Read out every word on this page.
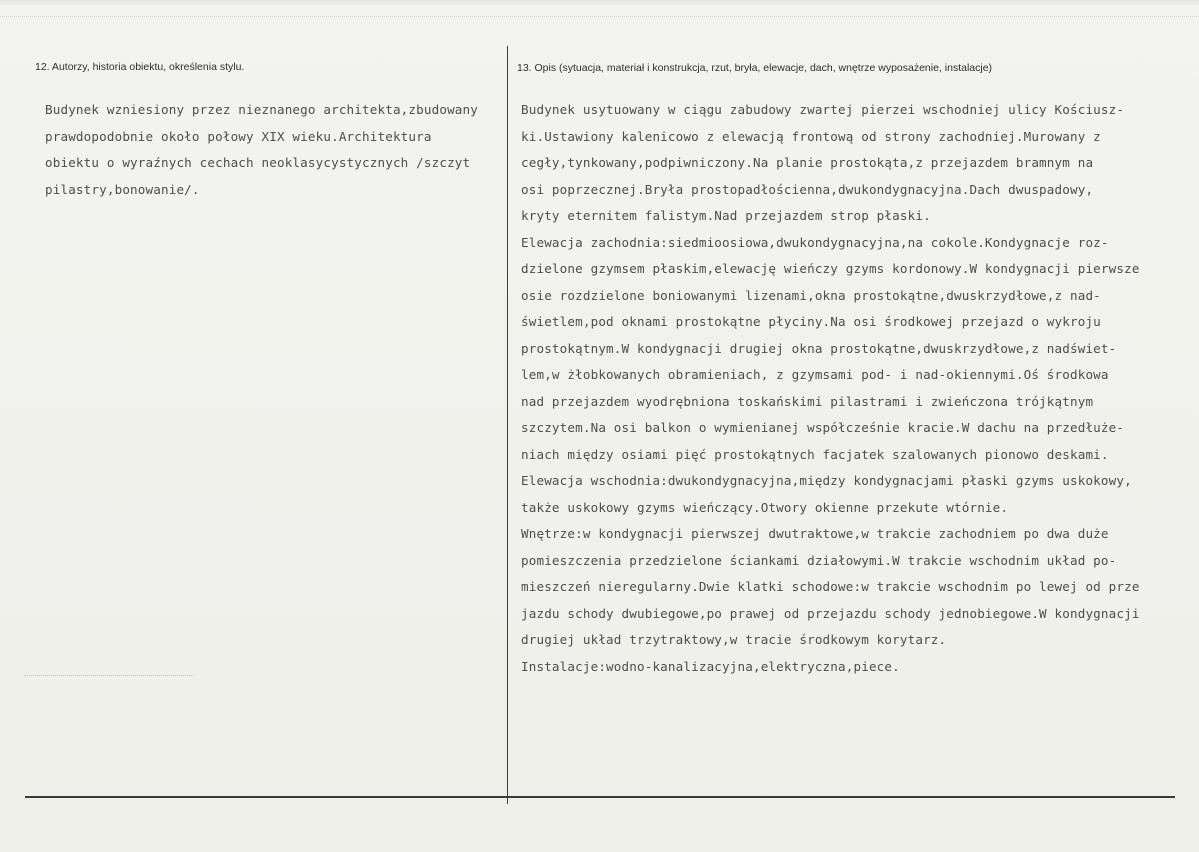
12. Autorzy, historia obiektu, określenia stylu.	13. Opis (sytuacja, materiał i konstrukcja, rzut, bryła, elewacje, dach, wnętrze wyposażenie, instalacje)
Budynek wzniesiony przez nieznanego architekta,zbudowany
prawdopodobnie około połowy XIX wieku.Architektura
obiektu o wyraźnych cechach neoklasycystycznych /szczyt
pilastry,bonowanie/.
Budynek usytuowany w ciągu zabudowy zwartej pierzei wschodniej ulicy Kościusz-
ki.Ustawiony kalenicowo z elewacją frontową od strony zachodniej.Murowany z
cegły,tynkowany,podpiwniczony.Na planie prostokąta,z przejazdem bramnym na
osi poprzecznej.Bryła prostopadłościenna,dwukondygnacyjna.Dach dwuspadowy,
kryty eternitem falistym.Nad przejazdem strop płaski.
Elewacja zachodnia:siedmioosiowa,dwukondygnacyjna,na cokole.Kondygnacje roz-
dzielone gzymsem płaskim,elewację wieńczy gzyms kordonowy.W kondygnacji pierwsze
osie rozdzielone boniowanymi lizenami,okna prostokątne,dwuskrzydłowe,z nad-
świetlem,pod oknami prostokątne płyciny.Na osi środkowej przejazd o wykroju
prostokątnym.W kondygnacji drugiej okna prostokątne,dwuskrzydłowe,z nadświet-
lem,w żłobkowanych obramieniach, z gzymsami pod- i nad-okiennymi.Oś środkowa
nad przejazdem wyodrębniona toskańskimi pilastrami i zwieńczona trójkątnym
szczytem.Na osi balkon o wymienianej współcześnie kracie.W dachu na przedłuże-
niach między osiami pięć prostokątnych facjatek szalowanych pionowo deskami.
Elewacja wschodnia:dwukondygnacyjna,między kondygnacjami płaski gzyms uskokowy,
także uskokowy gzyms wieńczący.Otwory okienne przekute wtórnie.
Wnętrze:w kondygnacji pierwszej dwutraktowe,w trakcie zachodniem po dwa duże
pomieszczenia przedzielone ściankami działowymi.W trakcie wschodnim układ po-
mieszczeń nieregularny.Dwie klatki schodowe:w trakcie wschodnim po lewej od prze
jazdu schody dwubiegowe,po prawej od przejazdu schody jednobiegowe.W kondygnacji
drugiej układ trzytraktowy,w tracie środkowym korytarz.
Instalacje:wodno-kanalizacyjna,elektryczna,piece.
